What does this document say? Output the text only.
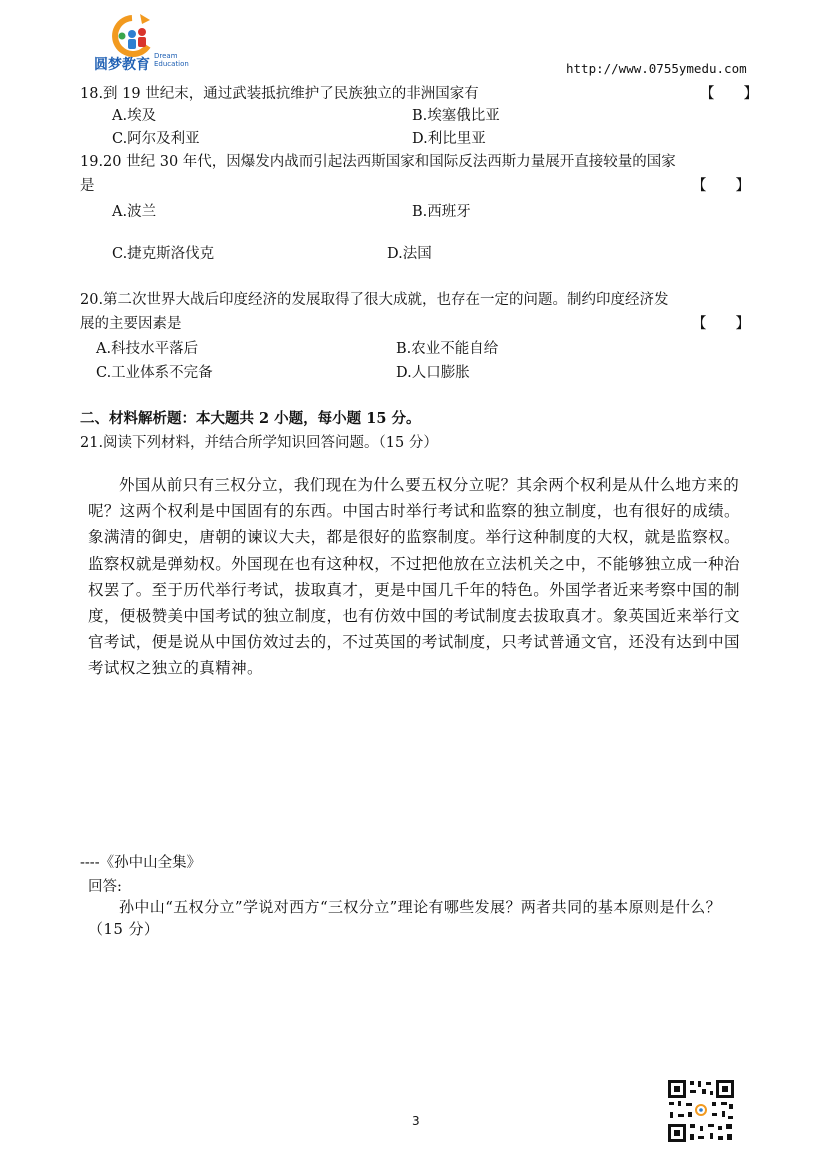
圆梦教育
Dream
Education	http://www.0755ymedu.com
18.到 19 世纪末，通过武装抵抗维护了民族独立的非洲国家有	【　　】
A.埃及	B.埃塞俄比亚
C.阿尔及利亚	D.利比里亚
19.20 世纪 30 年代，因爆发内战而引起法西斯国家和国际反法西斯力量展开直接较量的国家
是	【　　】
A.波兰	B.西班牙
C.捷克斯洛伐克	D.法国
20.第二次世界大战后印度经济的发展取得了很大成就，也存在一定的问题。制约印度经济发
展的主要因素是	【　　】
A.科技水平落后	B.农业不能自给
C.工业体系不完备	D.人口膨胀
二、材料解析题：本大题共 2 小题，每小题 15 分。
21.阅读下列材料，并结合所学知识回答问题。（15 分）
外国从前只有三权分立，我们现在为什么要五权分立呢？其余两个权利是从什么地方来的呢？这两个权利是中国固有的东西。中国古时举行考试和监察的独立制度，也有很好的成绩。象满清的御史，唐朝的谏议大夫，都是很好的监察制度。举行这种制度的大权，就是监察权。监察权就是弹劾权。外国现在也有这种权，不过把他放在立法机关之中，不能够独立成一种治权罢了。至于历代举行考试，拔取真才，更是中国几千年的特色。外国学者近来考察中国的制度，便极赞美中国考试的独立制度，也有仿效中国的考试制度去拔取真才。象英国近来举行文官考试，便是说从中国仿效过去的，不过英国的考试制度，只考试普通文官，还没有达到中国考试权之独立的真精神。
----《孙中山全集》
回答:
孙中山“五权分立”学说对西方“三权分立”理论有哪些发展？两者共同的基本原则是什么？（15 分）
3
